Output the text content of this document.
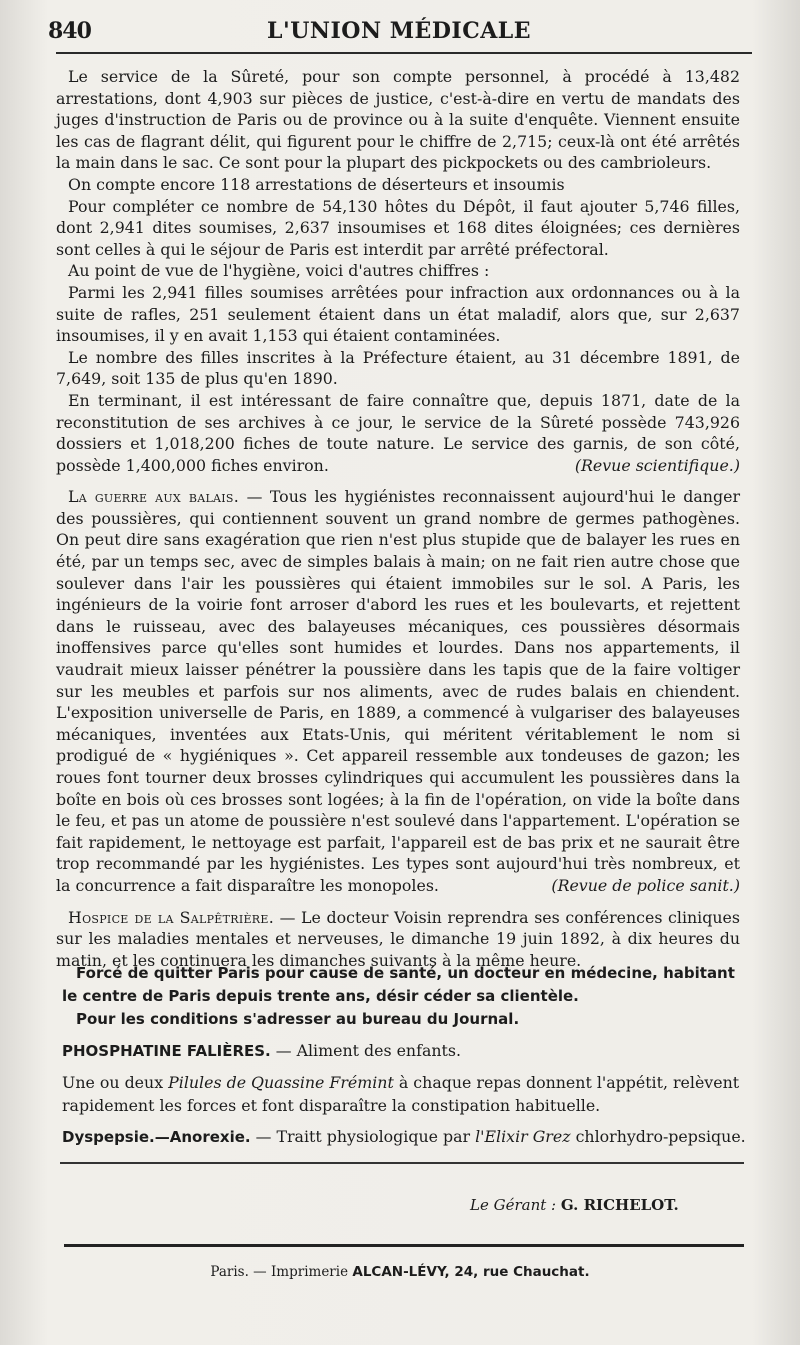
840	L'UNION MÉDICALE

Le service de la Sûreté, pour son compte personnel, à procédé à 13,482 arrestations, dont 4,903 sur pièces de justice, c'est-à-dire en vertu de mandats des juges d'instruction de Paris ou de province ou à la suite d'enquête. Viennent ensuite les cas de flagrant délit, qui figurent pour le chiffre de 2,715; ceux-là ont été arrêtés la main dans le sac. Ce sont pour la plupart des pickpockets ou des cambrioleurs.

On compte encore 118 arrestations de déserteurs et insoumis

Pour compléter ce nombre de 54,130 hôtes du Dépôt, il faut ajouter 5,746 filles, dont 2,941 dites soumises, 2,637 insoumises et 168 dites éloignées; ces dernières sont celles à qui le séjour de Paris est interdit par arrêté préfectoral.

Au point de vue de l'hygiène, voici d'autres chiffres :

Parmi les 2,941 filles soumises arrêtées pour infraction aux ordonnances ou à la suite de rafles, 251 seulement étaient dans un état maladif, alors que, sur 2,637 insoumises, il y en avait 1,153 qui étaient contaminées.

Le nombre des filles inscrites à la Préfecture étaient, au 31 décembre 1891, de 7,649, soit 135 de plus qu'en 1890.

En terminant, il est intéressant de faire connaître que, depuis 1871, date de la reconstitution de ses archives à ce jour, le service de la Sûreté possède 743,926 dossiers et 1,018,200 fiches de toute nature. Le service des garnis, de son côté, possède 1,400,000 fiches environ.	(Revue scientifique.)

La guerre aux balais. — Tous les hygiénistes reconnaissent aujourd'hui le danger des poussières, qui contiennent souvent un grand nombre de germes pathogènes. On peut dire sans exagération que rien n'est plus stupide que de balayer les rues en été, par un temps sec, avec de simples balais à main; on ne fait rien autre chose que soulever dans l'air les poussières qui étaient immobiles sur le sol. A Paris, les ingénieurs de la voirie font arroser d'abord les rues et les boulevarts, et rejettent dans le ruisseau, avec des balayeuses mécaniques, ces poussières désormais inoffensives parce qu'elles sont humides et lourdes. Dans nos appartements, il vaudrait mieux laisser pénétrer la poussière dans les tapis que de la faire voltiger sur les meubles et parfois sur nos aliments, avec de rudes balais en chiendent. L'exposition universelle de Paris, en 1889, a commencé à vulgariser des balayeuses mécaniques, inventées aux Etats-Unis, qui méritent véritablement le nom si prodigué de « hygiéniques ». Cet appareil ressemble aux tondeuses de gazon; les roues font tourner deux brosses cylindriques qui accumulent les poussières dans la boîte en bois où ces brosses sont logées; à la fin de l'opération, on vide la boîte dans le feu, et pas un atome de poussière n'est soulevé dans l'appartement. L'opération se fait rapidement, le nettoyage est parfait, l'appareil est de bas prix et ne saurait être trop recommandé par les hygiénistes. Les types sont aujourd'hui très nombreux, et la concurrence a fait disparaître les monopoles.	(Revue de police sanit.)

Hospice de la Salpêtrière. — Le docteur Voisin reprendra ses conférences cliniques sur les maladies mentales et nerveuses, le dimanche 19 juin 1892, à dix heures du matin, et les continuera les dimanches suivants à la même heure.

Forcé de quitter Paris pour cause de santé, un docteur en médecine, habitant le centre de Paris depuis trente ans, désir céder sa clientèle.

Pour les conditions s'adresser au bureau du Journal.

PHOSPHATINE FALIÈRES. — Aliment des enfants.

Une ou deux Pilules de Quassine Frémint à chaque repas donnent l'appétit, relèvent rapidement les forces et font disparaître la constipation habituelle.

Dyspepsie.—Anorexie. — Traitt physiologique par l'Elixir Grez chlorhydro-pepsique.

Le Gérant : G. RICHELOT.
Paris. — Imprimerie ALCAN-LÉVY, 24, rue Chauchat.
